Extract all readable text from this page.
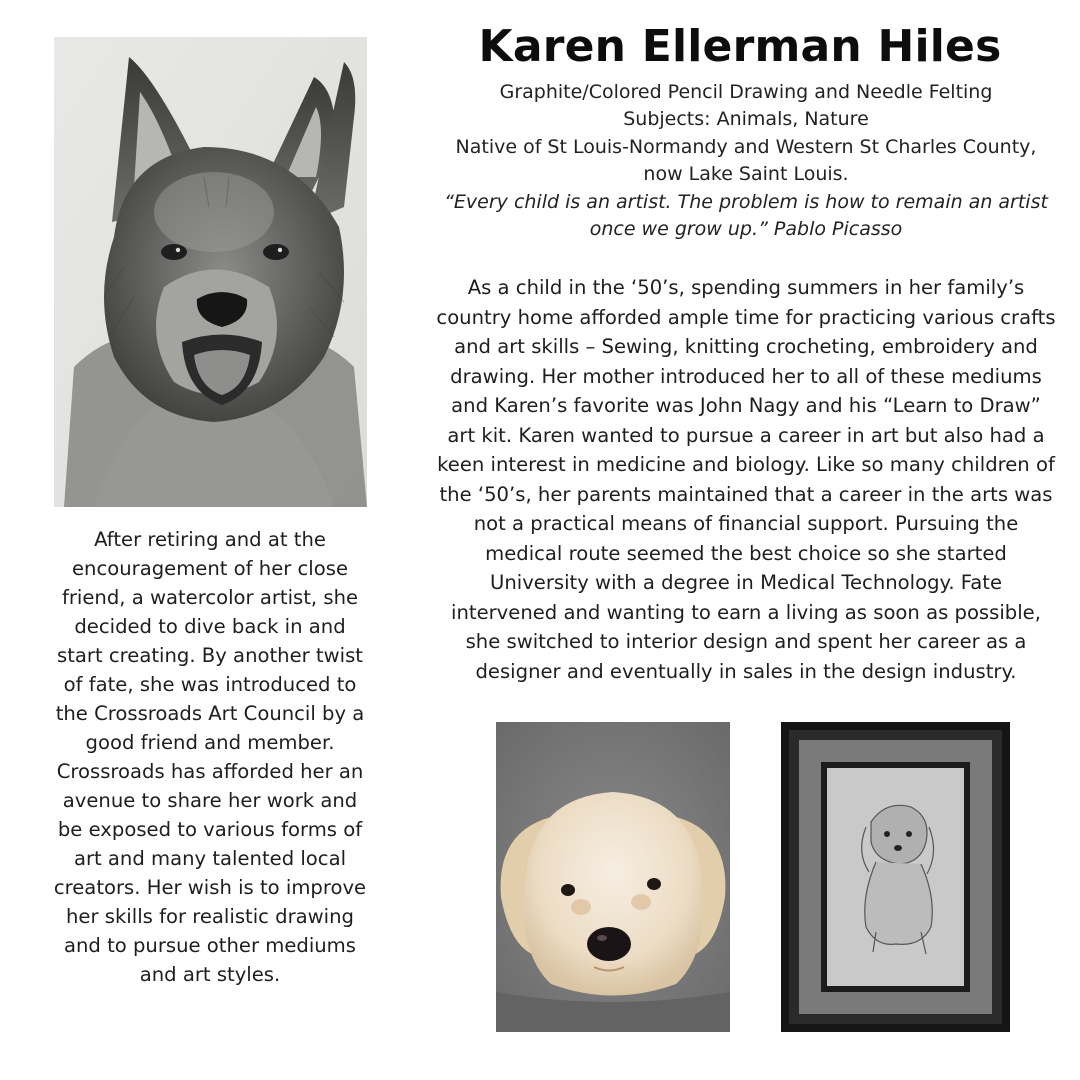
Karen Ellerman Hiles
Graphite/Colored Pencil Drawing and Needle Felting
Subjects: Animals, Nature
Native of St Louis-Normandy and Western St Charles County,
now Lake Saint Louis.
“Every child is an artist. The problem is how to remain an artist
once we grow up.” Pablo Picasso
As a child in the ‘50’s, spending summers in her family’s country home afforded ample time for practicing various crafts and art skills – Sewing, knitting crocheting, embroidery and drawing. Her mother introduced her to all of these mediums and Karen’s favorite was John Nagy and his “Learn to Draw” art kit. Karen wanted to pursue a career in art but also had a keen interest in medicine and biology. Like so many children of the ‘50’s, her parents maintained that a career in the arts was not a practical means of financial support. Pursuing the medical route seemed the best choice so she started University with a degree in Medical Technology. Fate intervened and wanting to earn a living as soon as possible, she switched to interior design and spent her career as a designer and eventually in sales in the design industry.
After retiring and at the encouragement of her close friend, a watercolor artist, she decided to dive back in and start creating. By another twist of fate, she was introduced to the Crossroads Art Council by a good friend and member. Crossroads has afforded her an avenue to share her work and be exposed to various forms of art and many talented local creators. Her wish is to improve her skills for realistic drawing and to pursue other mediums and art styles.
